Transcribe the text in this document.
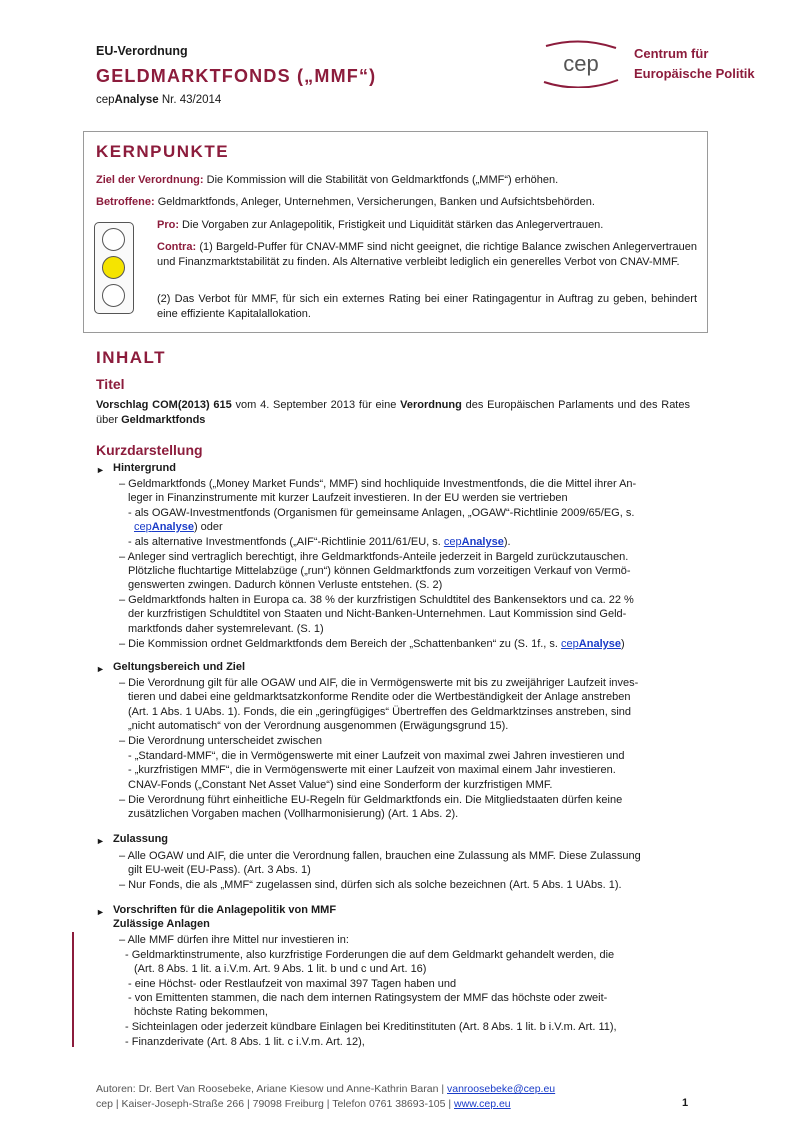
EU-Verordnung
GELDMARKTFONDS („MMF“)
cepAnalyse Nr. 43/2014
cep	Centrum für
Europäische Politik
KERNPUNKTE
Ziel der Verordnung: Die Kommission will die Stabilität von Geldmarktfonds („MMF“) erhöhen.
Betroffene: Geldmarktfonds, Anleger, Unternehmen, Versicherungen, Banken und Aufsichtsbehörden.
Pro: Die Vorgaben zur Anlagepolitik, Fristigkeit und Liquidität stärken das Anlegervertrauen.
Contra: (1) Bargeld-Puffer für CNAV-MMF sind nicht geeignet, die richtige Balance zwischen Anlegervertrauen und Finanzmarktstabilität zu finden. Als Alternative verbleibt lediglich ein generelles Verbot von CNAV-MMF.
(2) Das Verbot für MMF, für sich ein externes Rating bei einer Ratingagentur in Auftrag zu geben, behindert eine effiziente Kapitalallokation.
INHALT
Titel
Vorschlag COM(2013) 615 vom 4. September 2013 für eine Verordnung des Europäischen Parlaments und des Rates über Geldmarktfonds
Kurzdarstellung
► Hintergrund
– Geldmarktfonds („Money Market Funds“, MMF) sind hochliquide Investmentfonds, die die Mittel ihrer An-
leger in Finanzinstrumente mit kurzer Laufzeit investieren. In der EU werden sie vertrieben
- als OGAW-Investmentfonds (Organismen für gemeinsame Anlagen, „OGAW“-Richtlinie 2009/65/EG, s.
cepAnalyse) oder
- als alternative Investmentfonds („AIF“-Richtlinie 2011/61/EU, s. cepAnalyse).
– Anleger sind vertraglich berechtigt, ihre Geldmarktfonds-Anteile jederzeit in Bargeld zurückzutauschen.
Plötzliche fluchtartige Mittelabzüge („run“) können Geldmarktfonds zum vorzeitigen Verkauf von Vermö-
genswerten zwingen. Dadurch können Verluste entstehen. (S. 2)
– Geldmarktfonds halten in Europa ca. 38 % der kurzfristigen Schuldtitel des Bankensektors und ca. 22 %
der kurzfristigen Schuldtitel von Staaten und Nicht-Banken-Unternehmen. Laut Kommission sind Geld-
marktfonds daher systemrelevant. (S. 1)
– Die Kommission ordnet Geldmarktfonds dem Bereich der „Schattenbanken“ zu (S. 1f., s. cepAnalyse)
► Geltungsbereich und Ziel
– Die Verordnung gilt für alle OGAW und AIF, die in Vermögenswerte mit bis zu zweijähriger Laufzeit inves-
tieren und dabei eine geldmarktsatzkonforme Rendite oder die Wertbeständigkeit der Anlage anstreben
(Art. 1 Abs. 1 UAbs. 1). Fonds, die ein „geringfügiges“ Übertreffen des Geldmarktzinses anstreben, sind
„nicht automatisch“ von der Verordnung ausgenommen (Erwägungsgrund 15).
– Die Verordnung unterscheidet zwischen
- „Standard-MMF“, die in Vermögenswerte mit einer Laufzeit von maximal zwei Jahren investieren und
- „kurzfristigen MMF“, die in Vermögenswerte mit einer Laufzeit von maximal einem Jahr investieren.
CNAV-Fonds („Constant Net Asset Value“) sind eine Sonderform der kurzfristigen MMF.
– Die Verordnung führt einheitliche EU-Regeln für Geldmarktfonds ein. Die Mitgliedstaaten dürfen keine
zusätzlichen Vorgaben machen (Vollharmonisierung) (Art. 1 Abs. 2).
► Zulassung
– Alle OGAW und AIF, die unter die Verordnung fallen, brauchen eine Zulassung als MMF. Diese Zulassung
gilt EU-weit (EU-Pass). (Art. 3 Abs. 1)
– Nur Fonds, die als „MMF“ zugelassen sind, dürfen sich als solche bezeichnen (Art. 5 Abs. 1 UAbs. 1).
► Vorschriften für die Anlagepolitik von MMF
Zulässige Anlagen
– Alle MMF dürfen ihre Mittel nur investieren in:
- Geldmarktinstrumente, also kurzfristige Forderungen die auf dem Geldmarkt gehandelt werden, die
(Art. 8 Abs. 1 lit. a i.V.m. Art. 9 Abs. 1 lit. b und c und Art. 16)
- eine Höchst- oder Restlaufzeit von maximal 397 Tagen haben und
- von Emittenten stammen, die nach dem internen Ratingsystem der MMF das höchste oder zweit-
höchste Rating bekommen,
- Sichteinlagen oder jederzeit kündbare Einlagen bei Kreditinstituten (Art. 8 Abs. 1 lit. b i.V.m. Art. 11),
- Finanzderivate (Art. 8 Abs. 1 lit. c i.V.m. Art. 12),
Autoren: Dr. Bert Van Roosebeke, Ariane Kiesow und Anne-Kathrin Baran | vanroosebeke@cep.eu
cep | Kaiser-Joseph-Straße 266 | 79098 Freiburg | Telefon 0761 38693-105 | www.cep.eu	1
